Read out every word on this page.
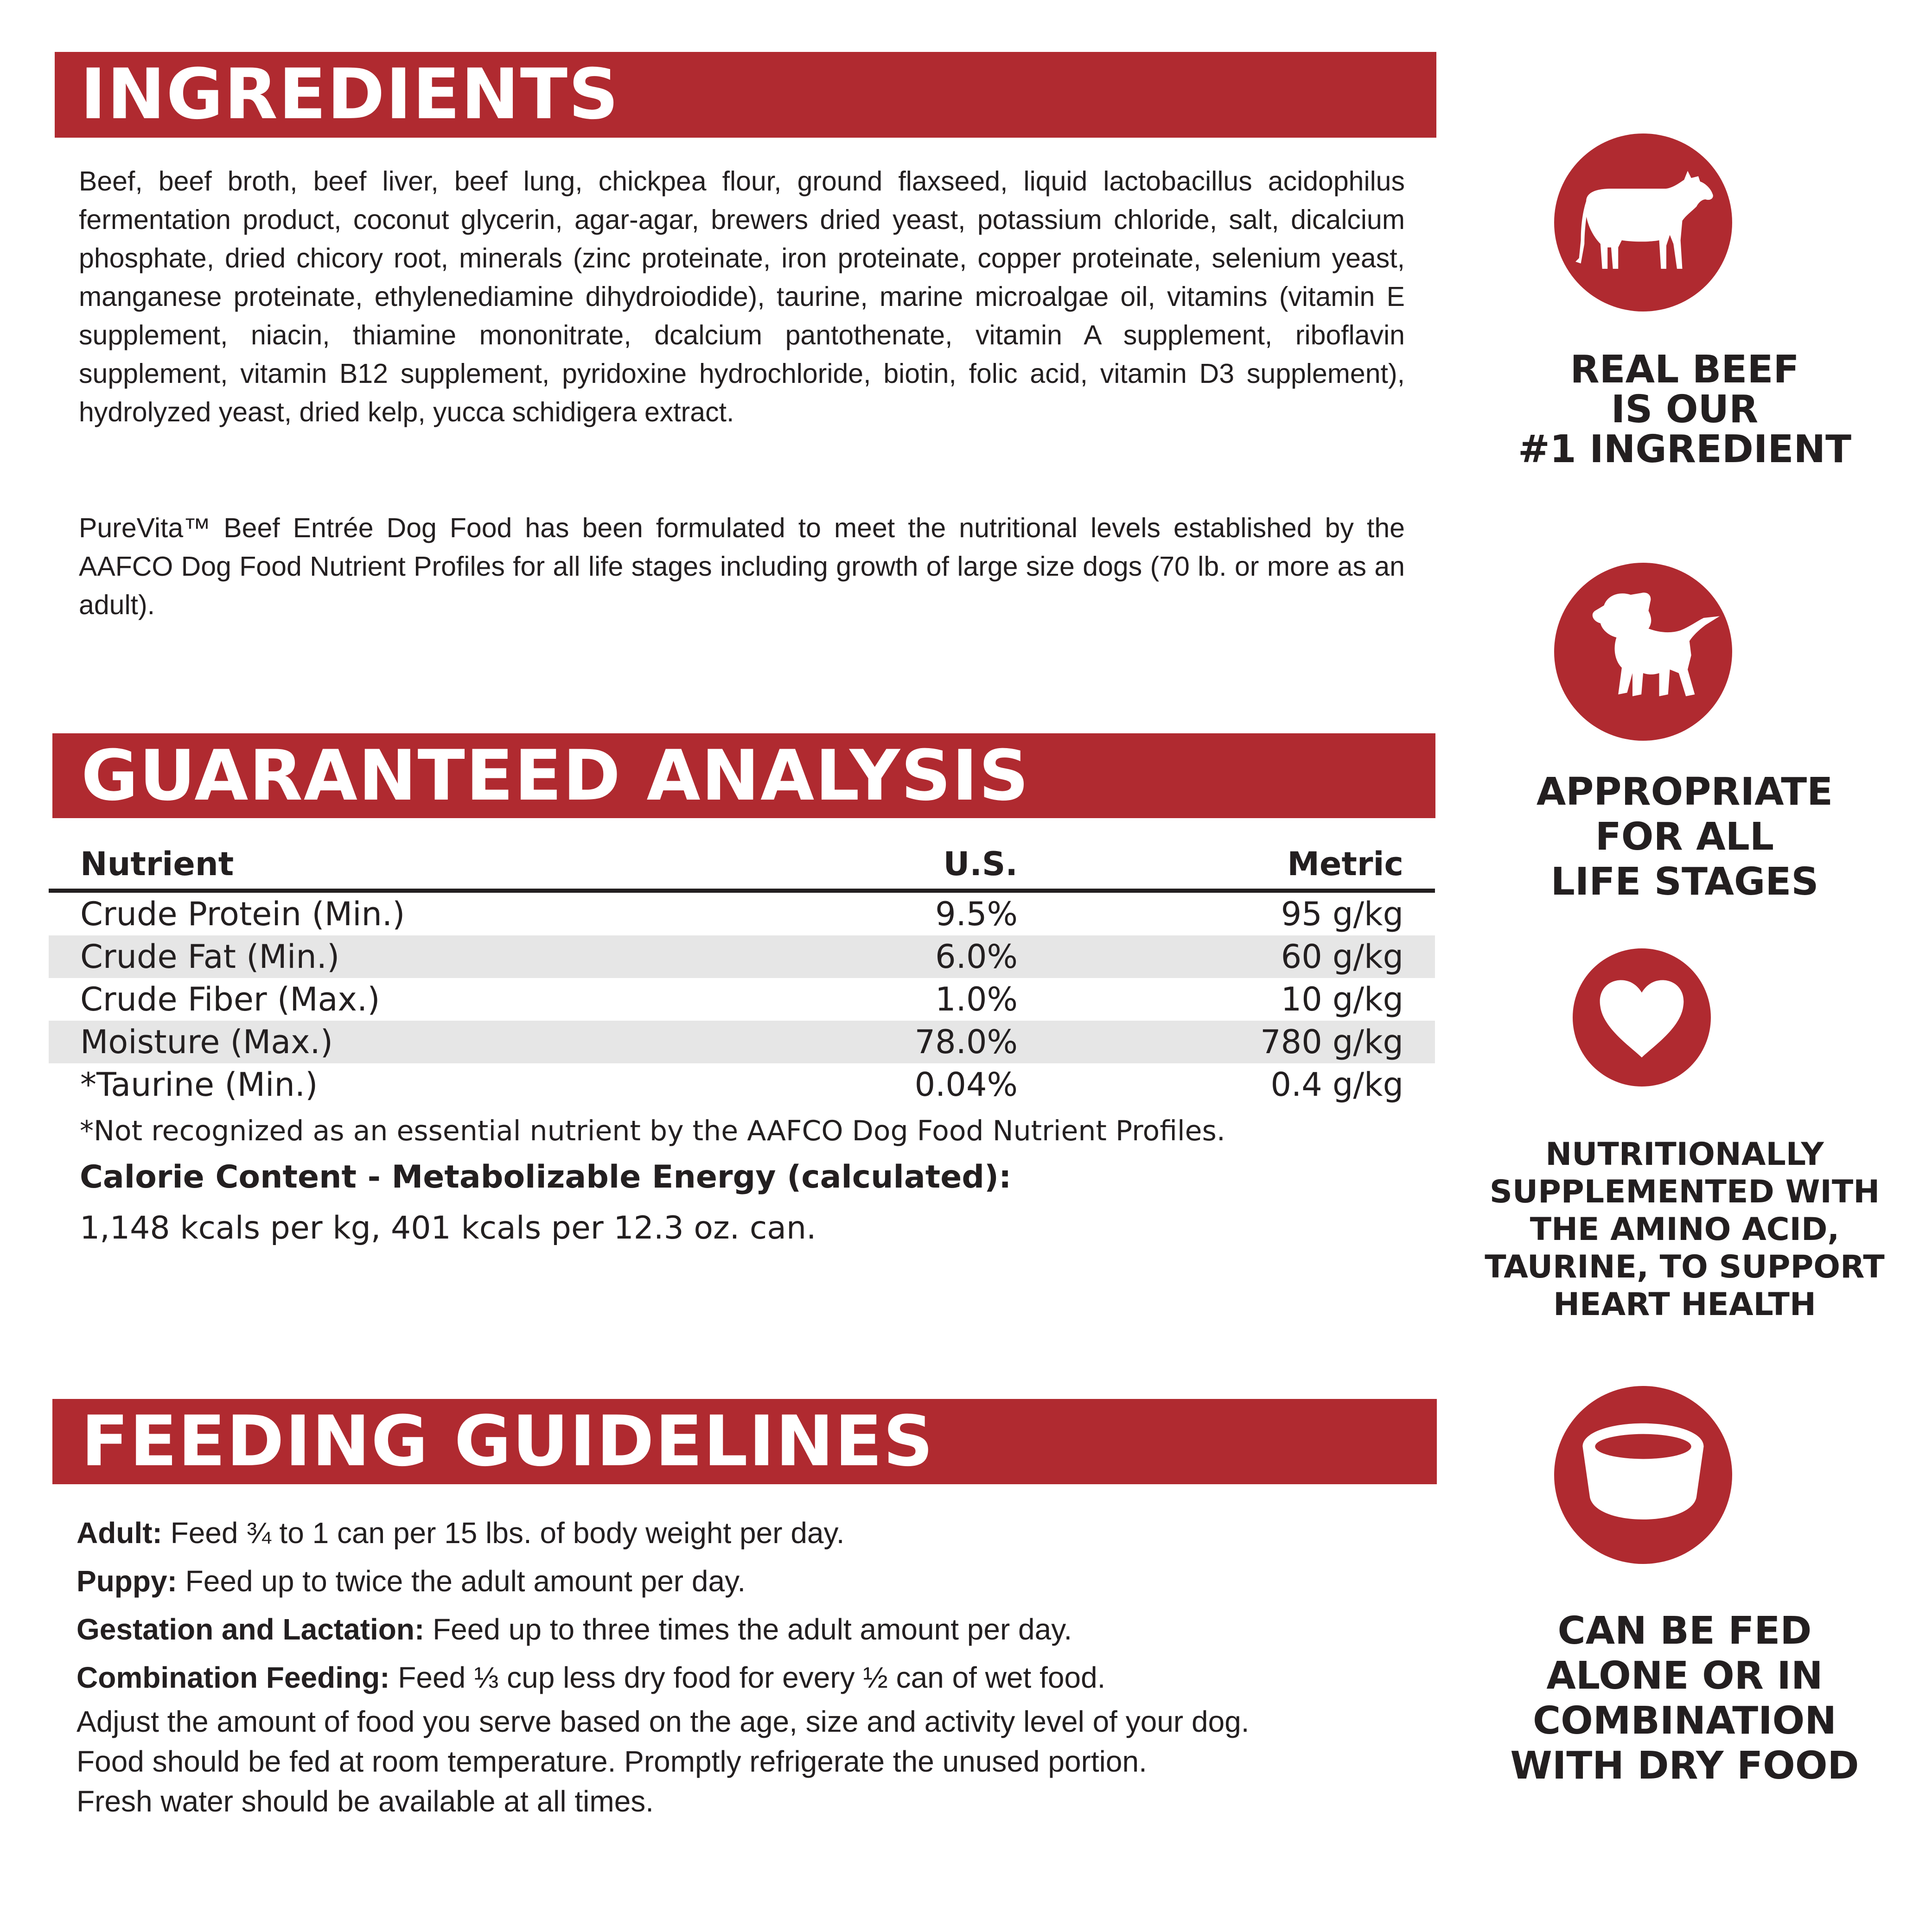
INGREDIENTS

Beef, beef broth, beef liver, beef lung, chickpea flour, ground flaxseed, liquid lactobacillus acidophilus fermentation product, coconut glycerin, agar-agar, brewers dried yeast, potassium chloride, salt, dicalcium phosphate, dried chicory root, minerals (zinc proteinate, iron proteinate, copper proteinate, selenium yeast, manganese proteinate, ethylenediamine dihydroiodide), taurine, marine microalgae oil, vitamins (vitamin E supplement, niacin, thiamine mononitrate, dcalcium pantothenate, vitamin A supplement, riboflavin supplement, vitamin B12 supplement, pyridoxine hydrochloride, biotin, folic acid, vitamin D3 supplement), hydrolyzed yeast, dried kelp, yucca schidigera extract.

PureVita™ Beef Entrée Dog Food has been formulated to meet the nutritional levels established by the AAFCO Dog Food Nutrient Profiles for all life stages including growth of large size dogs (70 lb. or more as an adult).

GUARANTEED ANALYSIS
Nutrient	U.S.	Metric
Crude Protein (Min.)	9.5%	95 g/kg
Crude Fat (Min.)	6.0%	60 g/kg
Crude Fiber (Max.)	1.0%	10 g/kg
Moisture (Max.)	78.0%	780 g/kg
*Taurine (Min.)	0.04%	0.4 g/kg

*Not recognized as an essential nutrient by the AAFCO Dog Food Nutrient Profiles.

Calorie Content - Metabolizable Energy (calculated):

1,148 kcals per kg, 401 kcals per 12.3 oz. can.

FEEDING GUIDELINES
Adult: Feed ¾ to 1 can per 15 lbs. of body weight per day.
Puppy: Feed up to twice the adult amount per day.
Gestation and Lactation: Feed up to three times the adult amount per day.
Combination Feeding: Feed ⅓ cup less dry food for every ½ can of wet food.
Adjust the amount of food you serve based on the age, size and activity level of your dog.
Food should be fed at room temperature. Promptly refrigerate the unused portion.
Fresh water should be available at all times.

REAL BEEF
IS OUR
#1 INGREDIENT

APPROPRIATE
FOR ALL
LIFE STAGES

NUTRITIONALLY
SUPPLEMENTED WITH
THE AMINO ACID,
TAURINE, TO SUPPORT
HEART HEALTH

CAN BE FED
ALONE OR IN
COMBINATION
WITH DRY FOOD
